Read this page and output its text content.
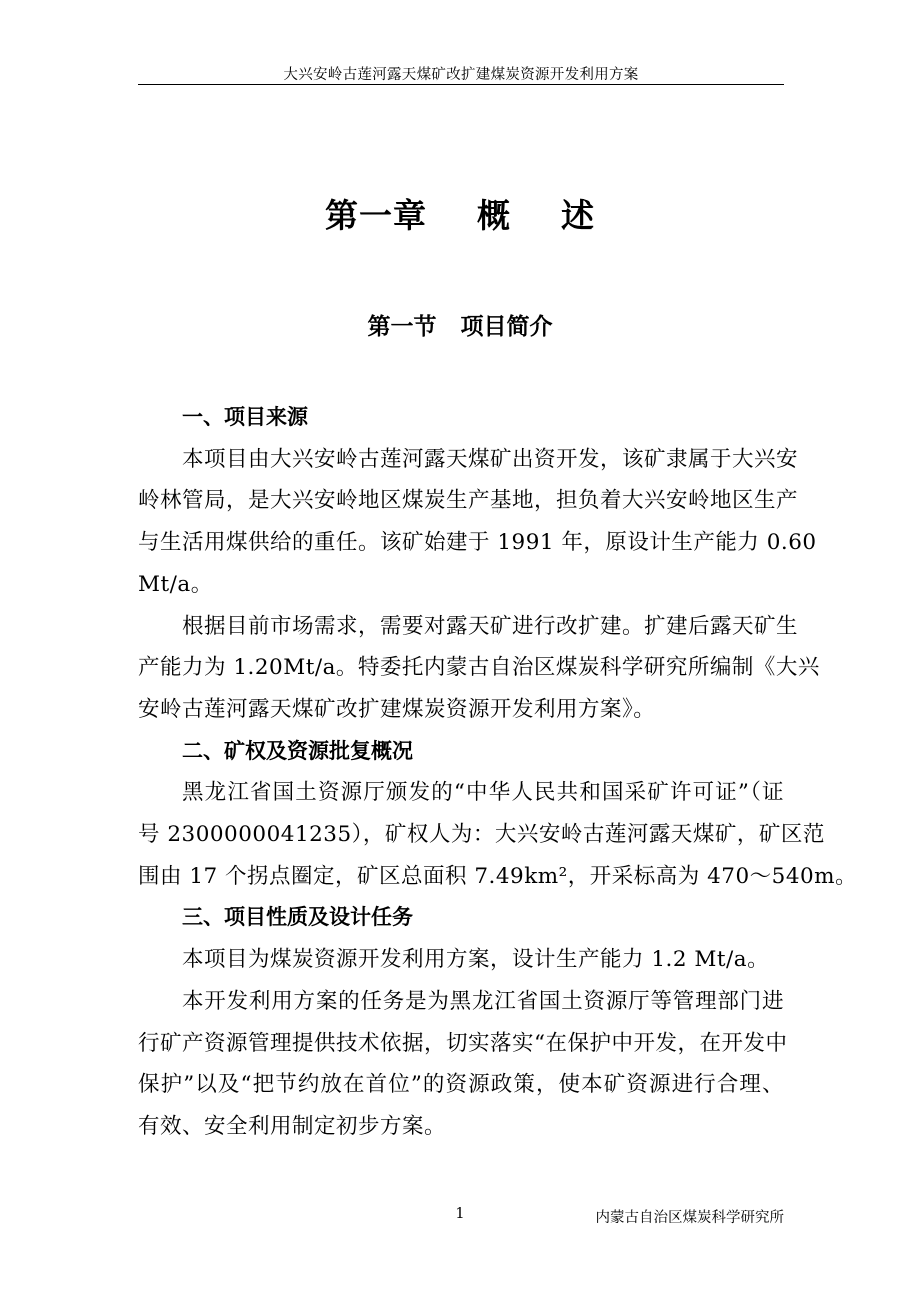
大兴安岭古莲河露天煤矿改扩建煤炭资源开发利用方案
第一章 概 述
第一节 项目简介

一、项目来源

本项目由大兴安岭古莲河露天煤矿出资开发，该矿隶属于大兴安
岭林管局，是大兴安岭地区煤炭生产基地，担负着大兴安岭地区生产
与生活用煤供给的重任。该矿始建于 1991 年，原设计生产能力 0.60
Mt/a。

根据目前市场需求，需要对露天矿进行改扩建。扩建后露天矿生
产能力为 1.20Mt/a。特委托内蒙古自治区煤炭科学研究所编制《大兴
安岭古莲河露天煤矿改扩建煤炭资源开发利用方案》。

二、矿权及资源批复概况

黑龙江省国土资源厅颁发的“中华人民共和国采矿许可证”（证
号 2300000041235），矿权人为：大兴安岭古莲河露天煤矿，矿区范
围由 17 个拐点圈定，矿区总面积 7.49km²，开采标高为 470～540m。

三、项目性质及设计任务

本项目为煤炭资源开发利用方案，设计生产能力 1.2 Mt/a。

本开发利用方案的任务是为黑龙江省国土资源厅等管理部门进
行矿产资源管理提供技术依据，切实落实“在保护中开发，在开发中
保护”以及“把节约放在首位”的资源政策，使本矿资源进行合理、
有效、安全利用制定初步方案。

1	内蒙古自治区煤炭科学研究所
